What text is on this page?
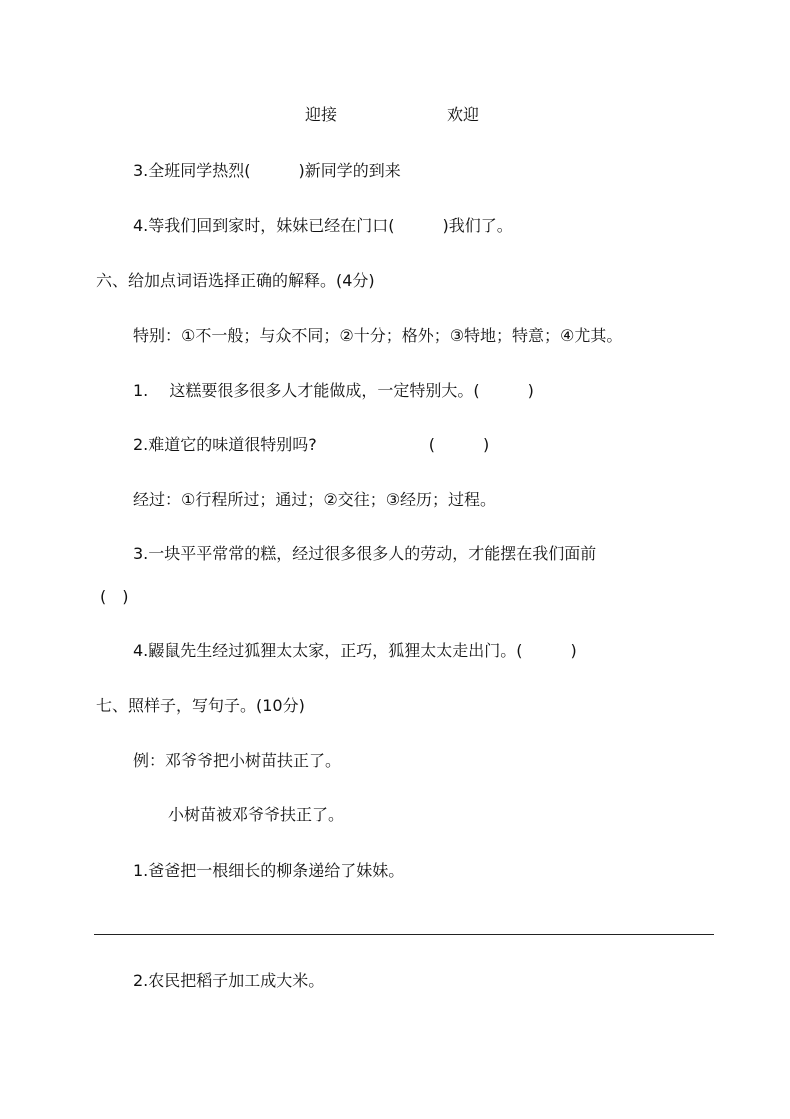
迎接	欢迎
3.全班同学热烈(　　　)新同学的到来
4.等我们回到家时，妹妹已经在门口(　　　)我们了。
六、给加点词语选择正确的解释。(4分)
特别：①不一般；与众不同；②十分；格外；③特地；特意；④尤其。
1.　 这糕要很多很多人才能做成，一定特别大。(　　　)
2.难道它的味道很特别吗?　　　　　　　(　　　)
经过：①行程所过；通过；②交往；③经历；过程。
3.一块平平常常的糕，经过很多很多人的劳动，才能摆在我们面前
(　)
4.鼹鼠先生经过狐狸太太家，正巧，狐狸太太走出门。(　　　)
七、照样子，写句子。(10分)
例：邓爷爷把小树苗扶正了。
小树苗被邓爷爷扶正了。
1.爸爸把一根细长的柳条递给了妹妹。
2.农民把稻子加工成大米。
